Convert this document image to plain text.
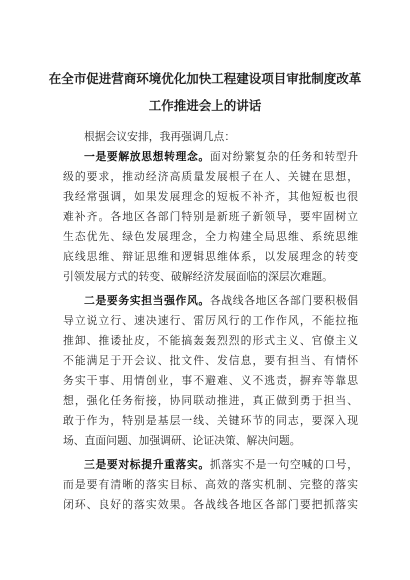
在全市促进营商环境优化加快工程建设项目审批制度改革
工作推进会上的讲话
根据会议安排，我再强调几点：
一是要解放思想转理念。面对纷繁复杂的任务和转型升
级的要求，推动经济高质量发展根子在人、关键在思想，
我经常强调，如果发展理念的短板不补齐，其他短板也很
难补齐。各地区各部门特别是新班子新领导，要牢固树立
生态优先、绿色发展理念，全力构建全局思维、系统思维
底线思维、辩证思维和逻辑思维体系，以发展理念的转变
引领发展方式的转变、破解经济发展面临的深层次难题。
二是要务实担当强作风。各战线各地区各部门要积极倡
导立说立行、速决速行、雷厉风行的工作作风，不能拉拖
推卸、推诿扯皮，不能搞轰轰烈烈的形式主义、官僚主义
不能满足于开会议、批文件、发信息，要有担当、有情怀
务实干事、用情创业，事不避难、义不逃责，摒弃等靠思
想，强化任务衔接，协同联动推进，真正做到勇于担当、
敢于作为，特别是基层一线、关键环节的同志，要深入现
场、直面问题、加强调研、论证决策、解决问题。
三是要对标提升重落实。抓落实不是一句空喊的口号，
而是要有清晰的落实目标、高效的落实机制、完整的落实
闭环、良好的落实效果。各战线各地区各部门要把抓落实
